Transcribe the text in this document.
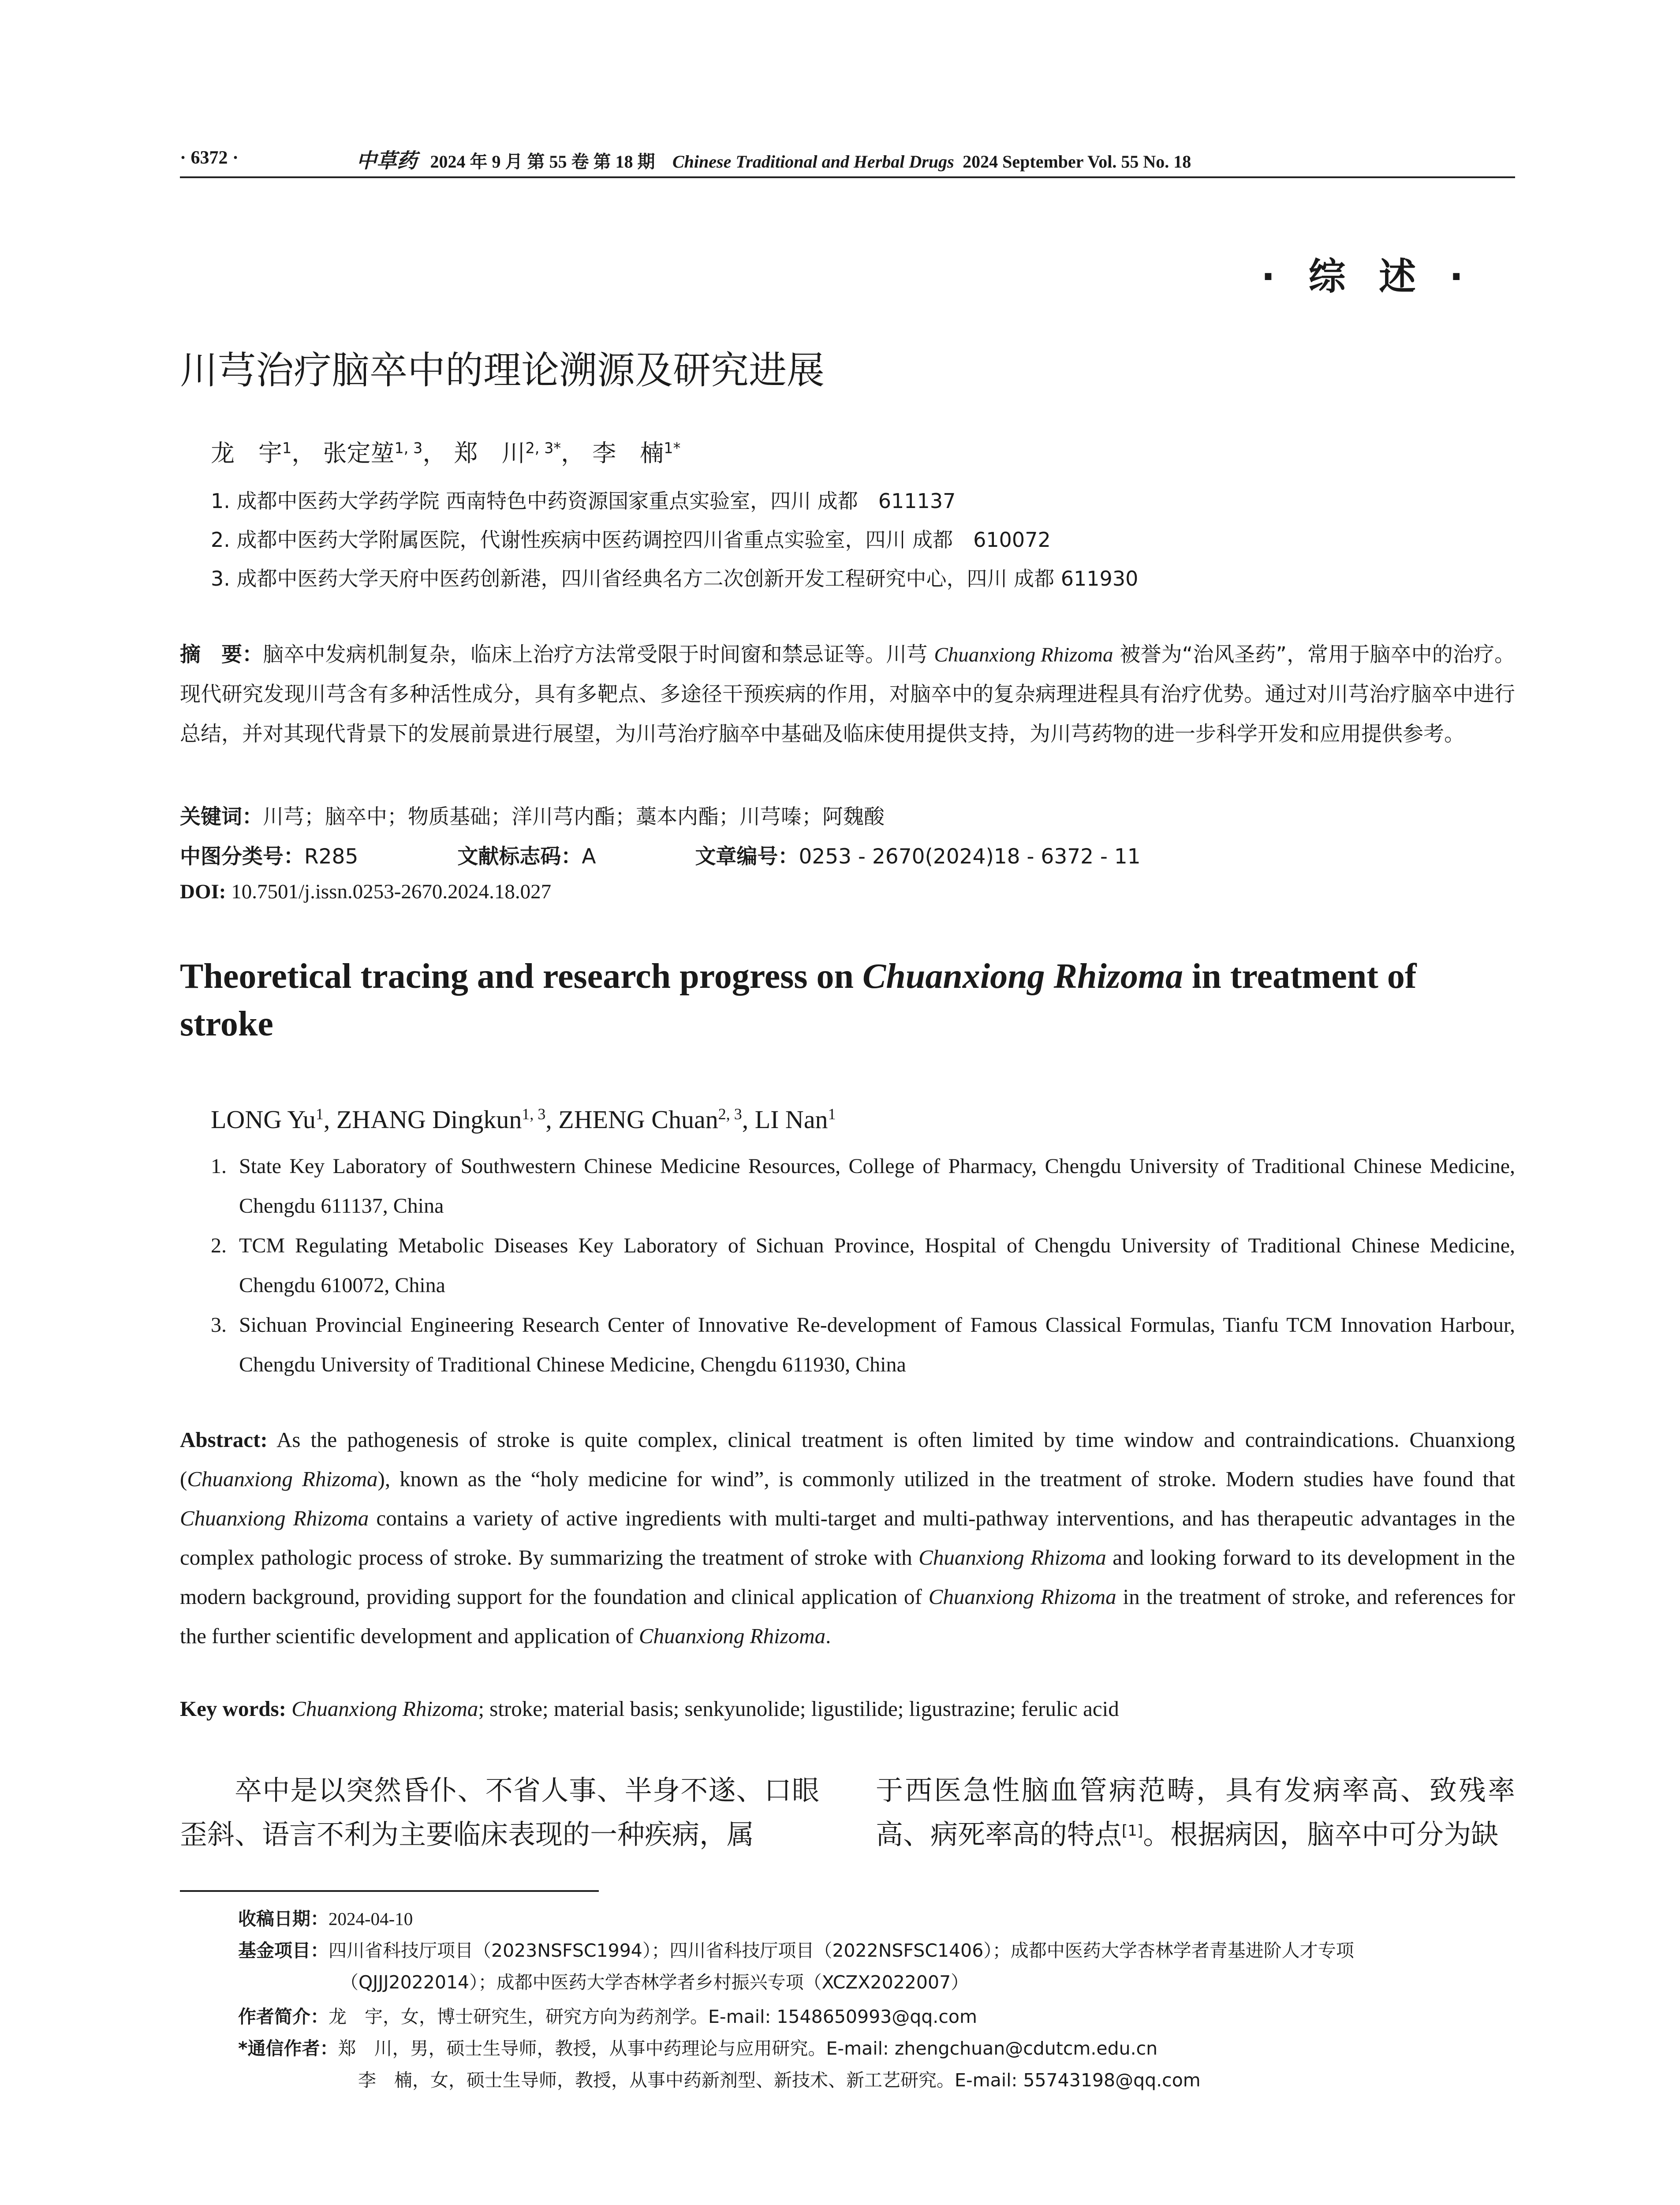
· 6372 ·	中草药 2024 年 9 月 第 55 卷 第 18 期 Chinese Traditional and Herbal Drugs 2024 September Vol. 55 No. 18
·综述·
川芎治疗脑卒中的理论溯源及研究进展
龙　宇$^1$， 张定堃$^{1, 3}$， 郑　川$^{2, 3*}$， 李　楠$^{1*}$
1. 成都中医药大学药学院 西南特色中药资源国家重点实验室，四川 成都　611137
2. 成都中医药大学附属医院，代谢性疾病中医药调控四川省重点实验室，四川 成都　610072
3. 成都中医药大学天府中医药创新港，四川省经典名方二次创新开发工程研究中心，四川 成都 611930
摘　要：脑卒中发病机制复杂，临床上治疗方法常受限于时间窗和禁忌证等。川芎 Chuanxiong Rhizoma 被誉为“治风圣药”，常用于脑卒中的治疗。现代研究发现川芎含有多种活性成分，具有多靶点、多途径干预疾病的作用，对脑卒中的复杂病理进程具有治疗优势。通过对川芎治疗脑卒中进行总结，并对其现代背景下的发展前景进行展望，为川芎治疗脑卒中基础及临床使用提供支持，为川芎药物的进一步科学开发和应用提供参考。
关键词：川芎；脑卒中；物质基础；洋川芎内酯；藁本内酯；川芎嗪；阿魏酸
中图分类号：R285	文献标志码：A	文章编号：0253 - 2670(2024)18 - 6372 - 11
DOI: 10.7501/j.issn.0253-2670.2024.18.027
Theoretical tracing and research progress on Chuanxiong Rhizoma in treatment of stroke
LONG Yu$^1$, ZHANG Dingkun$^{1, 3}$, ZHENG Chuan$^{2, 3}$, LI Nan$^1$
1. State Key Laboratory of Southwestern Chinese Medicine Resources, College of Pharmacy, Chengdu University of Traditional Chinese Medicine, Chengdu 611137, China
2. TCM Regulating Metabolic Diseases Key Laboratory of Sichuan Province, Hospital of Chengdu University of Traditional Chinese Medicine, Chengdu 610072, China
3. Sichuan Provincial Engineering Research Center of Innovative Re-development of Famous Classical Formulas, Tianfu TCM Innovation Harbour, Chengdu University of Traditional Chinese Medicine, Chengdu 611930, China
Abstract: As the pathogenesis of stroke is quite complex, clinical treatment is often limited by time window and contraindications. Chuanxiong (Chuanxiong Rhizoma), known as the “holy medicine for wind”, is commonly utilized in the treatment of stroke. Modern studies have found that Chuanxiong Rhizoma contains a variety of active ingredients with multi-target and multi-pathway interventions, and has therapeutic advantages in the complex pathologic process of stroke. By summarizing the treatment of stroke with Chuanxiong Rhizoma and looking forward to its development in the modern background, providing support for the foundation and clinical application of Chuanxiong Rhizoma in the treatment of stroke, and references for the further scientific development and application of Chuanxiong Rhizoma.
Key words: Chuanxiong Rhizoma; stroke; material basis; senkyunolide; ligustilide; ligustrazine; ferulic acid
卒中是以突然昏仆、不省人事、半身不遂、口眼歪斜、语言不利为主要临床表现的一种疾病，属
于西医急性脑血管病范畴，具有发病率高、致残率高、病死率高的特点[1]。根据病因，脑卒中可分为缺
收稿日期：2024-04-10
基金项目：四川省科技厅项目（2023NSFSC1994）；四川省科技厅项目（2022NSFSC1406）；成都中医药大学杏林学者青基进阶人才专项
（QJJJ2022014）；成都中医药大学杏林学者乡村振兴专项（XCZX2022007）
作者简介：龙　宇，女，博士研究生，研究方向为药剂学。E-mail: 1548650993@qq.com
*通信作者：郑　川，男，硕士生导师，教授，从事中药理论与应用研究。E-mail: zhengchuan@cdutcm.edu.cn
李　楠，女，硕士生导师，教授，从事中药新剂型、新技术、新工艺研究。E-mail: 55743198@qq.com
